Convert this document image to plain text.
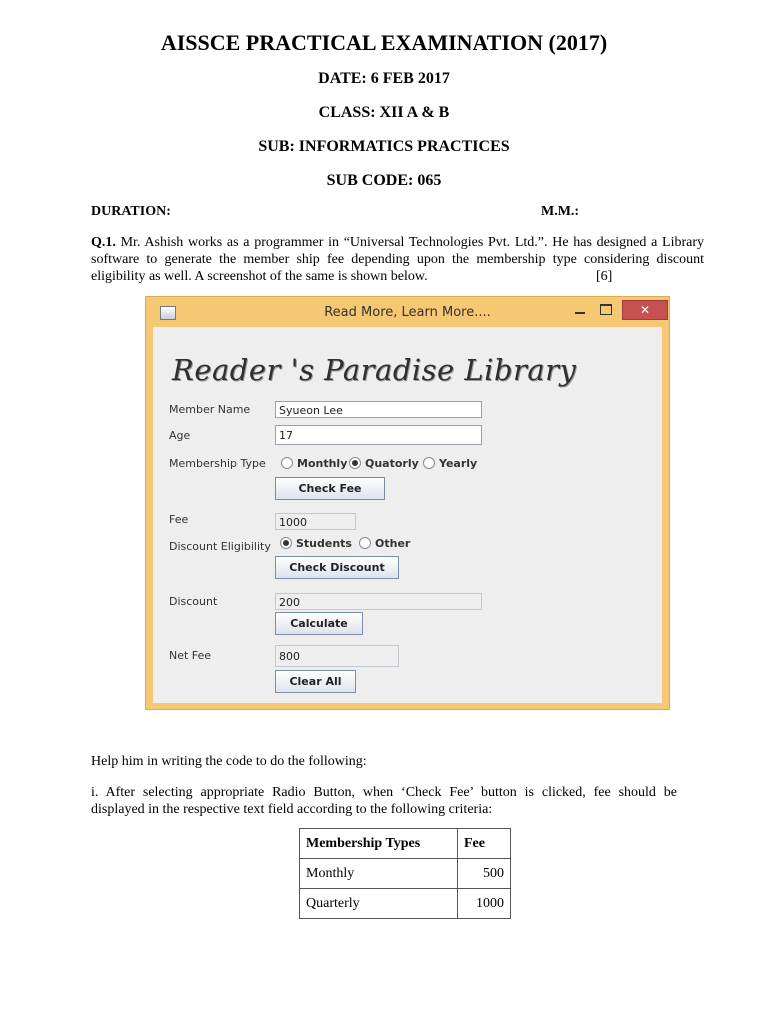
AISSCE PRACTICAL EXAMINATION (2017)
DATE: 6 FEB 2017
CLASS: XII A & B
SUB: INFORMATICS PRACTICES
SUB CODE: 065
DURATION:	M.M.:
Q.1. Mr. Ashish works as a programmer in “Universal Technologies Pvt. Ltd.”. He has designed a Library
software to generate the member ship fee depending upon the membership type considering discount
eligibility as well. A screenshot of the same is shown below.	[6]
Read More, Learn More....	✕
Reader 's Paradise Library
Member Name	Syueon Lee
Age	17
Membership Type	Monthly	Quatorly	Yearly
Check Fee
Fee	1000
Discount Eligibility	Students	Other
Check Discount
Discount	200
Calculate
Net Fee	800
Clear All
Help him in writing the code to do the following:
i. After selecting appropriate Radio Button, when ‘Check Fee’ button is clicked, fee should be
displayed in the respective text field according to the following criteria:
Membership Types	Fee
Monthly	500
Quarterly	1000
